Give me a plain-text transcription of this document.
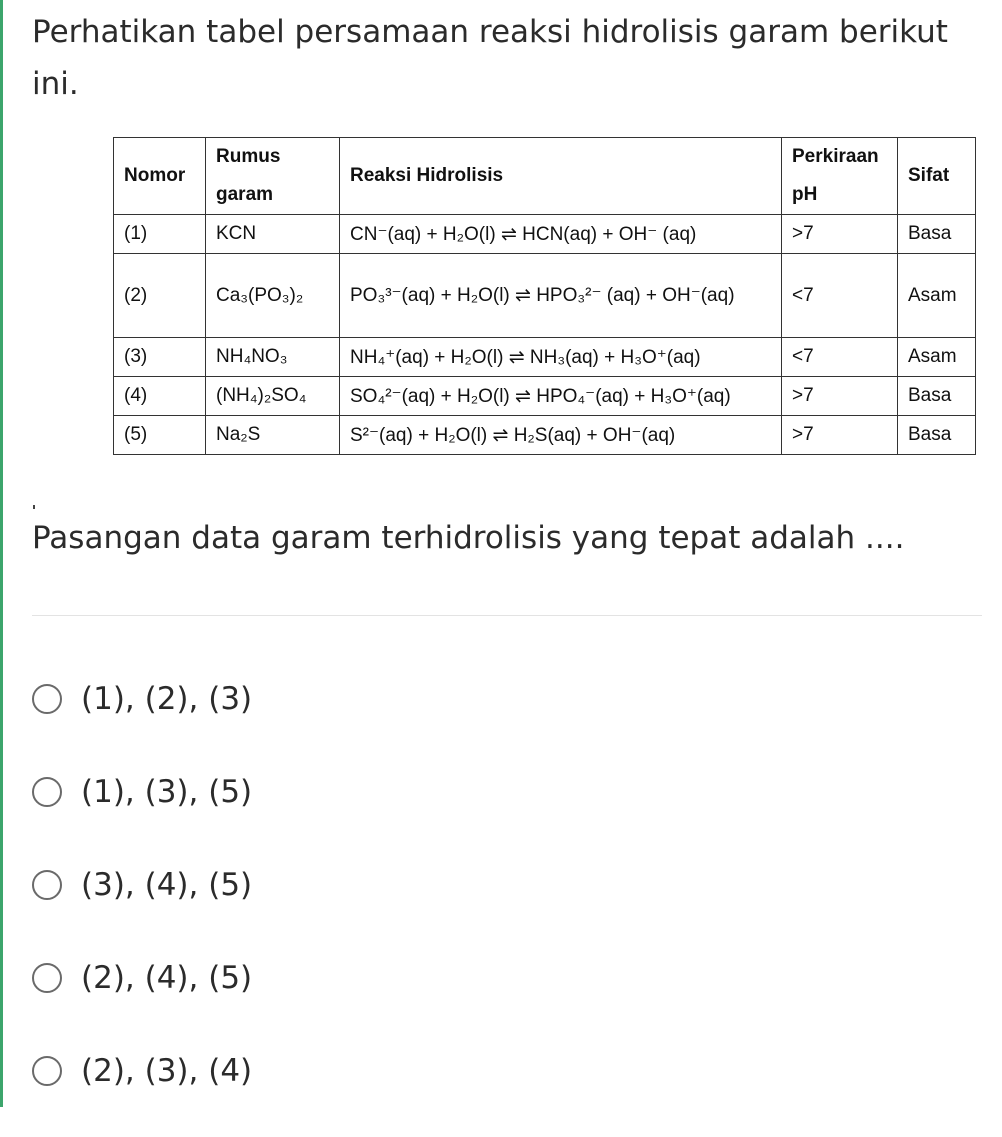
Perhatikan tabel persamaan reaksi hidrolisis garam berikut ini.

Nomor	Rumus garam	Reaksi Hidrolisis	Perkiraan pH	Sifat
(1)	KCN	CN⁻(aq) + H₂O(l) ⇌ HCN(aq) + OH⁻ (aq)	>7	Basa
(2)	Ca₃(PO₃)₂	PO₃³⁻(aq) + H₂O(l) ⇌ HPO₃²⁻ (aq) + OH⁻(aq)	<7	Asam
(3)	NH₄NO₃	NH₄⁺(aq) + H₂O(l) ⇌ NH₃(aq) + H₃O⁺(aq)	<7	Asam
(4)	(NH₄)₂SO₄	SO₄²⁻(aq) + H₂O(l) ⇌ HPO₄⁻(aq) + H₃O⁺(aq)	>7	Basa
(5)	Na₂S	S²⁻(aq) + H₂O(l) ⇌ H₂S(aq) + OH⁻(aq)	>7	Basa

Pasangan data garam terhidrolisis yang tepat adalah ....

(1), (2), (3)
(1), (3), (5)
(3), (4), (5)
(2), (4), (5)
(2), (3), (4)
